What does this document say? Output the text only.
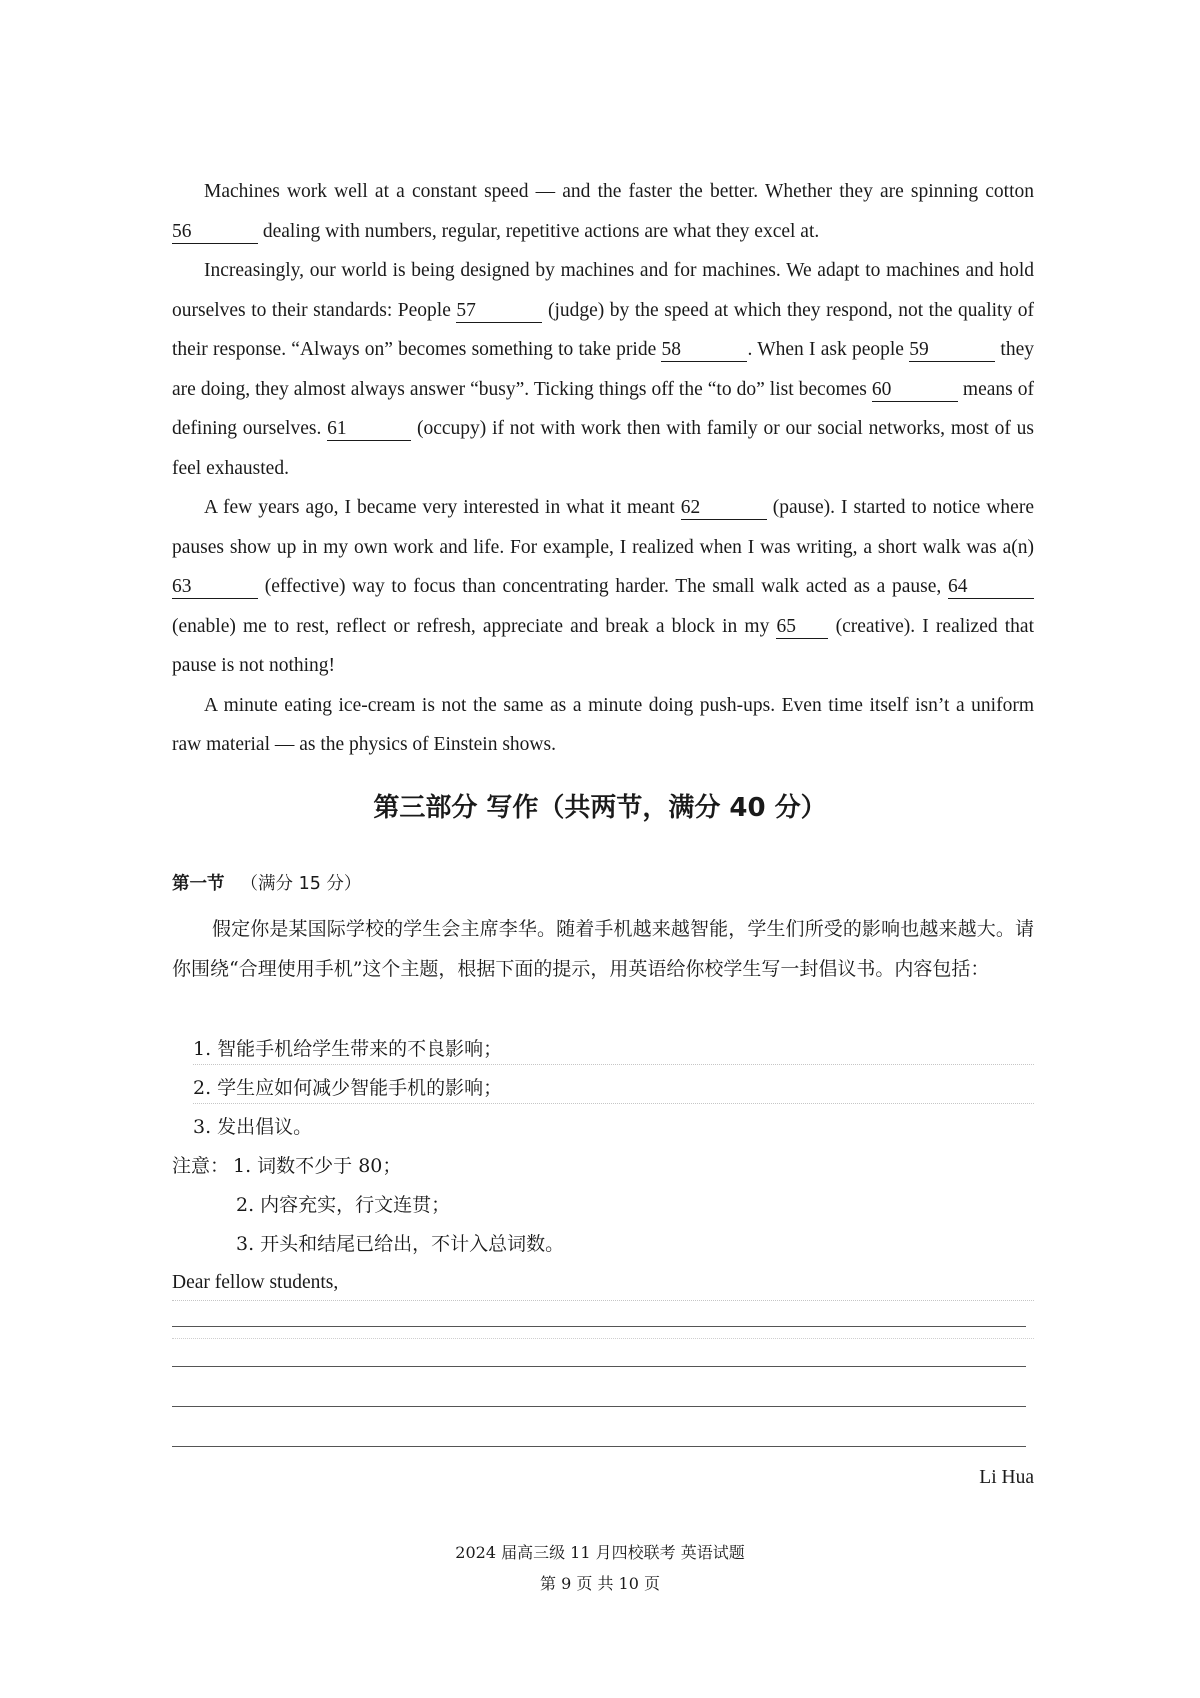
Machines work well at a constant speed — and the faster the better. Whether they are spinning cotton 56	dealing with numbers, regular, repetitive actions are what they excel at.

Increasingly, our world is being designed by machines and for machines. We adapt to machines and hold ourselves to their standards: People 57	(judge) by the speed at which they respond, not the quality of their response. “Always on” becomes something to take pride 58	. When I ask people 59	they are doing, they almost always answer “busy”. Ticking things off the “to do” list becomes 60	means of defining ourselves. 61	(occupy) if not with work then with family or our social networks, most of us feel exhausted.

A few years ago, I became very interested in what it meant 62	(pause). I started to notice where pauses show up in my own work and life. For example, I realized when I was writing, a short walk was a(n) 63	(effective) way to focus than concentrating harder. The small walk acted as a pause, 64 (enable) me to rest, reflect or refresh, appreciate and break a block in my 65 (creative). I realized that pause is not nothing!

A minute eating ice-cream is not the same as a minute doing push-ups. Even time itself isn’t a uniform raw material — as the physics of Einstein shows.

第三部分 写作（共两节，满分 40 分）
第一节 （满分 15 分）

假定你是某国际学校的学生会主席李华。随着手机越来越智能，学生们所受的影响也越来越大。请你围绕“合理使用手机”这个主题，根据下面的提示，用英语给你校学生写一封倡议书。内容包括：

1. 智能手机给学生带来的不良影响；
2. 学生应如何减少智能手机的影响；
3. 发出倡议。
注意： 1. 词数不少于 80；
2. 内容充实，行文连贯；
3. 开头和结尾已给出，不计入总词数。
Dear fellow students,
Li Hua
2024 届高三级 11 月四校联考 英语试题
第 9 页 共 10 页
